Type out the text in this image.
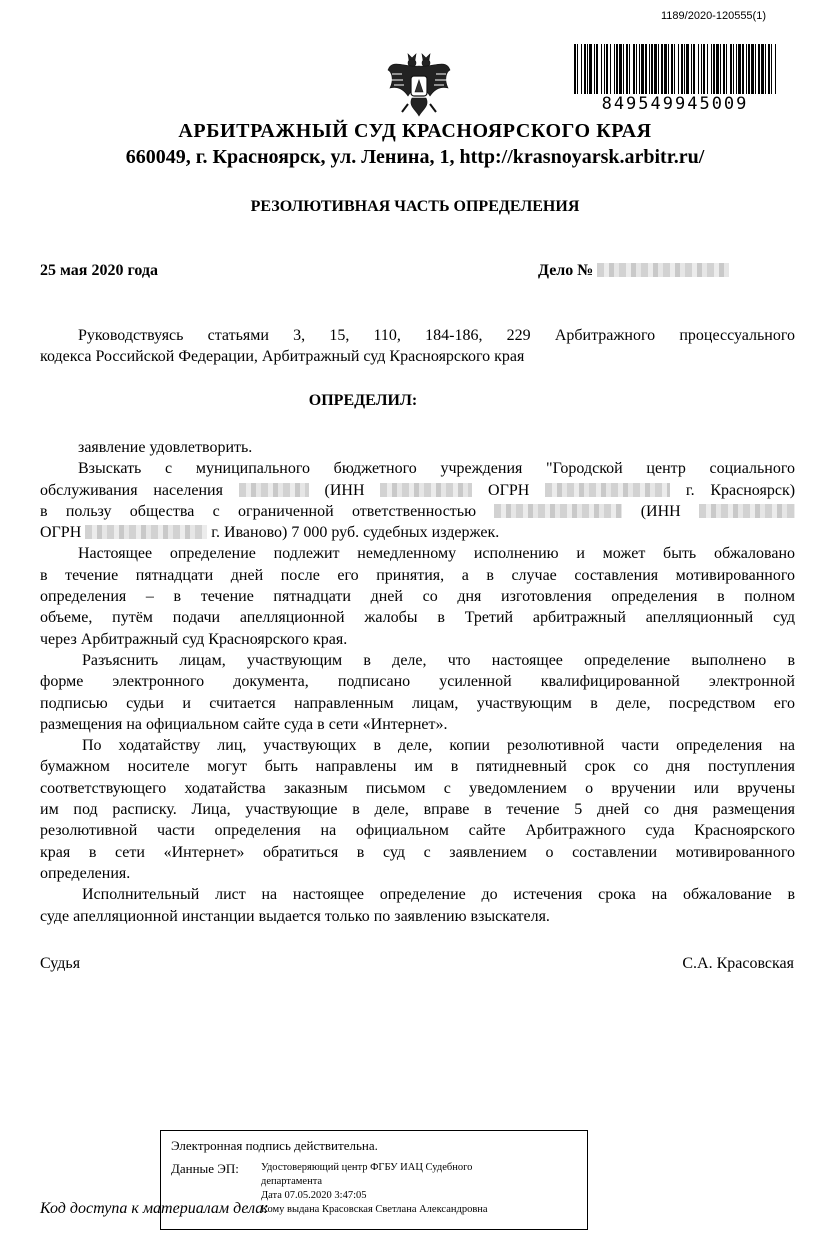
1189/2020-120555(1)
849549945009
АРБИТРАЖНЫЙ СУД КРАСНОЯРСКОГО КРАЯ
660049, г. Красноярск, ул. Ленина, 1, http://krasnoyarsk.arbitr.ru/
РЕЗОЛЮТИВНАЯ ЧАСТЬ ОПРЕДЕЛЕНИЯ
25 мая 2020 года	Дело №
Руководствуясь статьями 3, 15, 110, 184-186, 229 Арбитражного процессуального
кодекса Российской Федерации, Арбитражный суд Красноярского края
ОПРЕДЕЛИЛ:
заявление удовлетворить.
Взыскать с муниципального бюджетного учреждения "Городской центр социального
обслуживания населения	(ИНН	ОГРН	г. Красноярск)
в пользу общества с ограниченной ответственностью	(ИНН
ОГРН	г. Иваново) 7 000 руб. судебных издержек.
Настоящее определение подлежит немедленному исполнению и может быть обжаловано
в течение пятнадцати дней после его принятия, а в случае составления мотивированного
определения – в течение пятнадцати дней со дня изготовления определения в полном
объеме, путём подачи апелляционной жалобы в Третий арбитражный апелляционный суд
через Арбитражный суд Красноярского края.
Разъяснить лицам, участвующим в деле, что настоящее определение выполнено в
форме электронного документа, подписано усиленной квалифицированной электронной
подписью судьи и считается направленным лицам, участвующим в деле, посредством его
размещения на официальном сайте суда в сети «Интернет».
По ходатайству лиц, участвующих в деле, копии резолютивной части определения на
бумажном носителе могут быть направлены им в пятидневный срок со дня поступления
соответствующего ходатайства заказным письмом с уведомлением о вручении или вручены
им под расписку. Лица, участвующие в деле, вправе в течение 5 дней со дня размещения
резолютивной части определения на официальном сайте Арбитражного суда Красноярского
края в сети «Интернет» обратиться в суд с заявлением о составлении мотивированного
определения.
Исполнительный лист на настоящее определение до истечения срока на обжалование в
суде апелляционной инстанции выдается только по заявлению взыскателя.
Судья	С.А. Красовская
Код доступа к материалам дела:
Электронная подпись действительна.
Данные ЭП: Удостоверяющий центр ФГБУ ИАЦ Судебного
департамента
Дата 07.05.2020 3:47:05
Кому выдана Красовская Светлана Александровна
